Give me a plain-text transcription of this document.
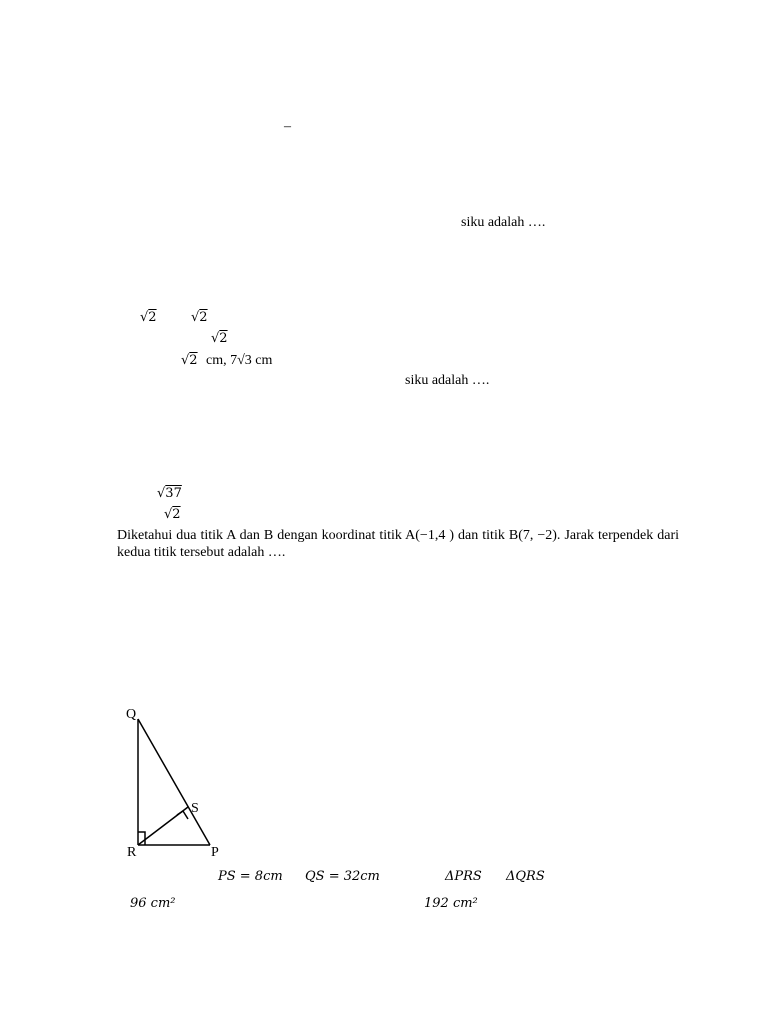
–
siku adalah ….
√2	√2
√2
√2 cm, 7√3 cm
siku adalah ….
√37
√2
Diketahui dua titik A dan B dengan koordinat titik A(−1,4 ) dan titik B(7, −2). Jarak terpendek dari kedua titik tersebut adalah ….
Q
S
R	P
PS = 8cm QS = 32cm	ΔPRS ΔQRS
96 cm²	192 cm²
